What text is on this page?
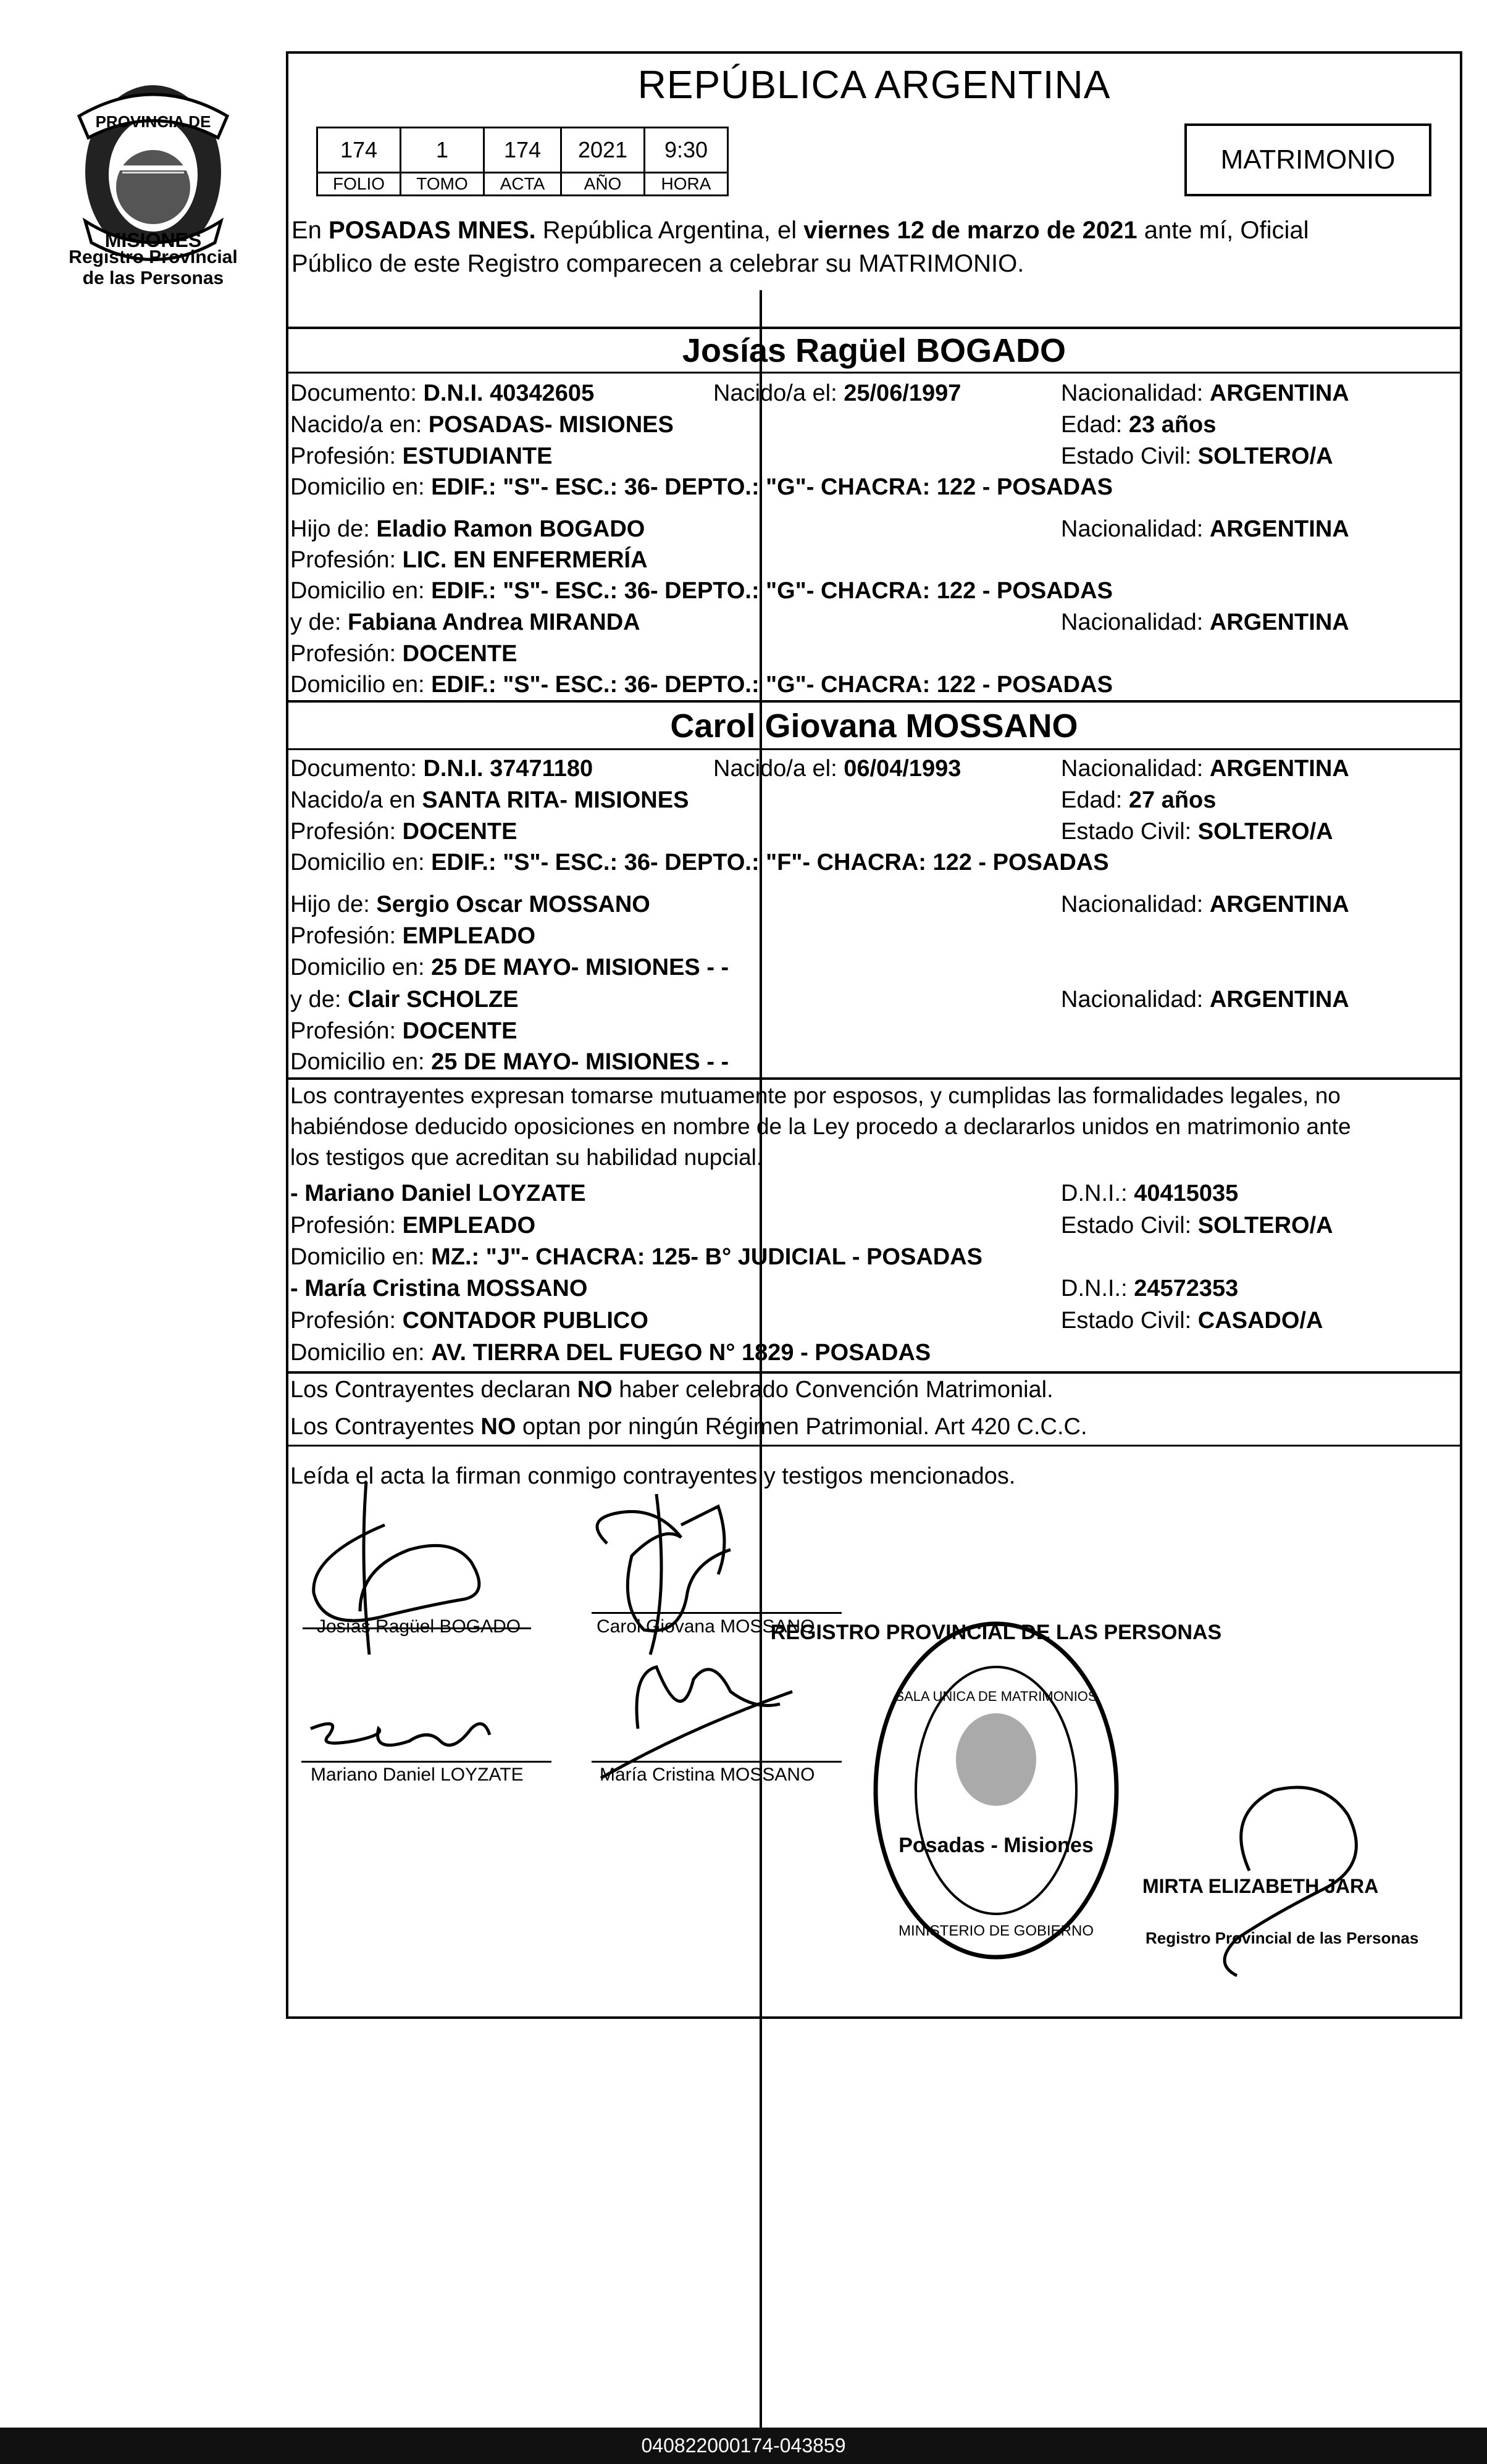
PROVINCIA DE
MISIONES
Registro Provincial
de las Personas
REPÚBLICA ARGENTINA
174	1	174	2021	9:30
FOLIO	TOMO	ACTA	AÑO	HORA
MATRIMONIO
En POSADAS MNES. República Argentina, el viernes 12 de marzo de 2021 ante mí, Oficial
Público de este Registro comparecen a celebrar su MATRIMONIO.
Josías Ragüel BOGADO
Documento: D.N.I. 40342605	Nacido/a el: 25/06/1997	Nacionalidad: ARGENTINA
Nacido/a en: POSADAS- MISIONES	Edad: 23 años
Profesión: ESTUDIANTE	Estado Civil: SOLTERO/A
Domicilio en: EDIF.: "S"- ESC.: 36- DEPTO.: "G"- CHACRA: 122 - POSADAS
Hijo de: Eladio Ramon BOGADO	Nacionalidad: ARGENTINA
Profesión: LIC. EN ENFERMERÍA
Domicilio en: EDIF.: "S"- ESC.: 36- DEPTO.: "G"- CHACRA: 122 - POSADAS
y de: Fabiana Andrea MIRANDA	Nacionalidad: ARGENTINA
Profesión: DOCENTE
Domicilio en: EDIF.: "S"- ESC.: 36- DEPTO.: "G"- CHACRA: 122 - POSADAS
Carol Giovana MOSSANO
Documento: D.N.I. 37471180	Nacido/a el: 06/04/1993	Nacionalidad: ARGENTINA
Nacido/a en SANTA RITA- MISIONES	Edad: 27 años
Profesión: DOCENTE	Estado Civil: SOLTERO/A
Domicilio en: EDIF.: "S"- ESC.: 36- DEPTO.: "F"- CHACRA: 122 - POSADAS
Hijo de: Sergio Oscar MOSSANO	Nacionalidad: ARGENTINA
Profesión: EMPLEADO
Domicilio en: 25 DE MAYO- MISIONES - -
y de: Clair SCHOLZE	Nacionalidad: ARGENTINA
Profesión: DOCENTE
Domicilio en: 25 DE MAYO- MISIONES - -
Los contrayentes expresan tomarse mutuamente por esposos, y cumplidas las formalidades legales, no
habiéndose deducido oposiciones en nombre de la Ley procedo a declararlos unidos en matrimonio ante
los testigos que acreditan su habilidad nupcial.
- Mariano Daniel LOYZATE	D.N.I.: 40415035
Profesión: EMPLEADO	Estado Civil: SOLTERO/A
Domicilio en: MZ.: "J"- CHACRA: 125- B° JUDICIAL - POSADAS
- María Cristina MOSSANO	D.N.I.: 24572353
Profesión: CONTADOR PUBLICO	Estado Civil: CASADO/A
Domicilio en: AV. TIERRA DEL FUEGO N° 1829 - POSADAS
Los Contrayentes declaran NO haber celebrado Convención Matrimonial.
Los Contrayentes NO optan por ningún Régimen Patrimonial. Art 420 C.C.C.
Leída el acta la firman conmigo contrayentes y testigos mencionados.
REGISTRO PROVINCIAL DE LAS PERSONAS
SALA UNICA DE MATRIMONIOS
Posadas - Misiones
MINISTERIO DE GOBIERNO
Josías Ragüel BOGADO	Carol Giovana MOSSANO
Mariano Daniel LOYZATE	María Cristina MOSSANO
MIRTA ELIZABETH JARA
Registro Provincial de las Personas
040822000174-043859
